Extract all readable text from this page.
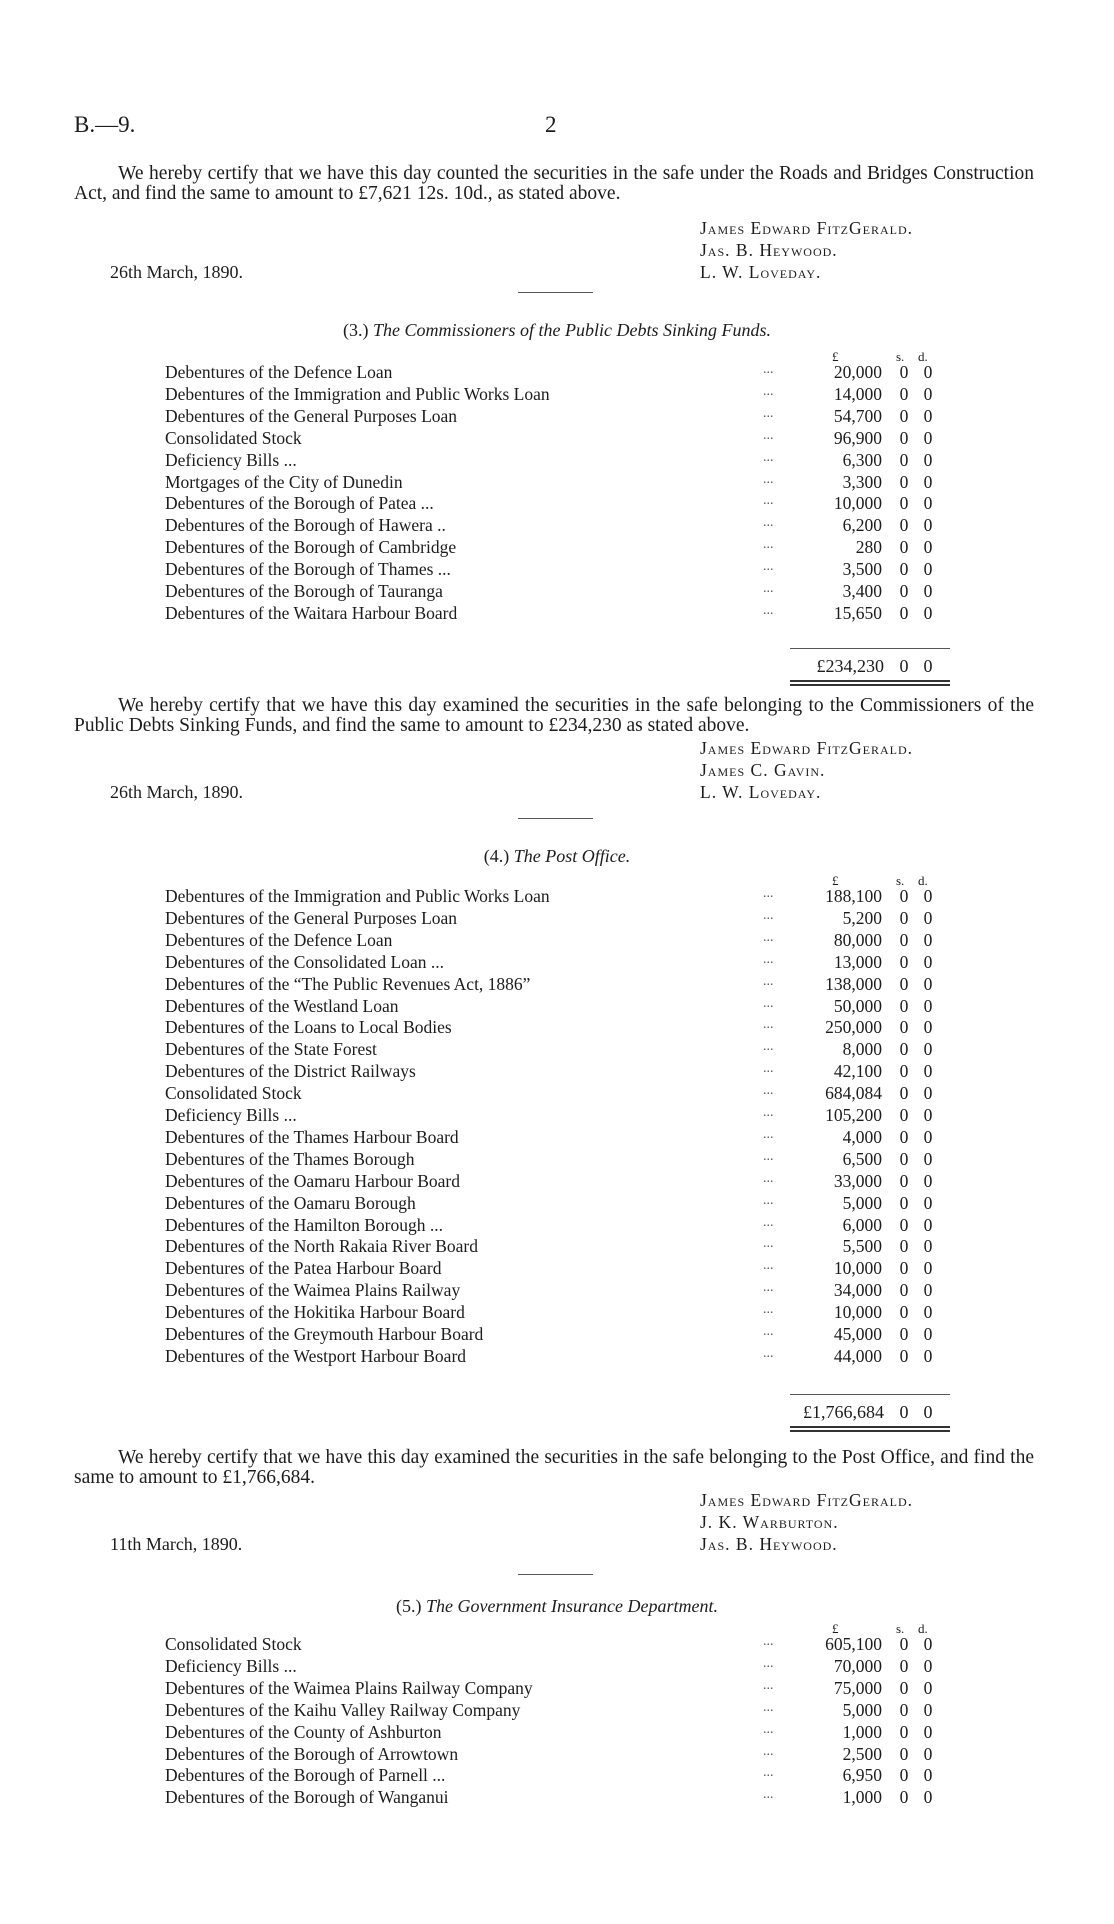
B.—9.	2
We hereby certify that we have this day counted the securities in the safe under the Roads and Bridges Construction Act, and find the same to amount to £7,621 12s. 10d., as stated above.
James Edward FitzGerald.
Jas. B. Heywood.
L. W. Loveday.
26th March, 1890.
(3.) The Commissioners of the Public Debts Sinking Funds.
£	s. d.
Debentures of the Defence Loan	...	20,000	0 0
Debentures of the Immigration and Public Works Loan	...	14,000	0 0
Debentures of the General Purposes Loan	...	54,700	0 0
Consolidated Stock	...	96,900	0 0
Deficiency Bills ...	...	6,300	0 0
Mortgages of the City of Dunedin	...	3,300	0 0
Debentures of the Borough of Patea ...	...	10,000	0 0
Debentures of the Borough of Hawera ..	...	6,200	0 0
Debentures of the Borough of Cambridge	...	280	0 0
Debentures of the Borough of Thames ...	...	3,500	0 0
Debentures of the Borough of Tauranga	...	3,400	0 0
Debentures of the Waitara Harbour Board	...	15,650	0 0
£234,230 0 0
We hereby certify that we have this day examined the securities in the safe belonging to the Commissioners of the Public Debts Sinking Funds, and find the same to amount to £234,230 as stated above.
James Edward FitzGerald.
James C. Gavin.
L. W. Loveday.
26th March, 1890.
(4.) The Post Office.
£	s. d.
Debentures of the Immigration and Public Works Loan	...	188,100	0 0
Debentures of the General Purposes Loan	...	5,200	0 0
Debentures of the Defence Loan	...	80,000	0 0
Debentures of the Consolidated Loan ...	...	13,000	0 0
Debentures of the “The Public Revenues Act, 1886”	...	138,000	0 0
Debentures of the Westland Loan	...	50,000	0 0
Debentures of the Loans to Local Bodies	...	250,000	0 0
Debentures of the State Forest	...	8,000	0 0
Debentures of the District Railways	...	42,100	0 0
Consolidated Stock	...	684,084	0 0
Deficiency Bills ...	...	105,200	0 0
Debentures of the Thames Harbour Board	...	4,000	0 0
Debentures of the Thames Borough	...	6,500	0 0
Debentures of the Oamaru Harbour Board	...	33,000	0 0
Debentures of the Oamaru Borough	...	5,000	0 0
Debentures of the Hamilton Borough ...	...	6,000	0 0
Debentures of the North Rakaia River Board	...	5,500	0 0
Debentures of the Patea Harbour Board	...	10,000	0 0
Debentures of the Waimea Plains Railway	...	34,000	0 0
Debentures of the Hokitika Harbour Board	...	10,000	0 0
Debentures of the Greymouth Harbour Board	...	45,000	0 0
Debentures of the Westport Harbour Board	...	44,000	0 0
£1,766,684 0 0
We hereby certify that we have this day examined the securities in the safe belonging to the Post Office, and find the same to amount to £1,766,684.
James Edward FitzGerald.
J. K. Warburton.
Jas. B. Heywood.
11th March, 1890.
(5.) The Government Insurance Department.
£	s. d.
Consolidated Stock	...	605,100	0 0
Deficiency Bills ...	...	70,000	0 0
Debentures of the Waimea Plains Railway Company	...	75,000	0 0
Debentures of the Kaihu Valley Railway Company	...	5,000	0 0
Debentures of the County of Ashburton	...	1,000	0 0
Debentures of the Borough of Arrowtown	...	2,500	0 0
Debentures of the Borough of Parnell ...	...	6,950	0 0
Debentures of the Borough of Wanganui	...	1,000	0 0
